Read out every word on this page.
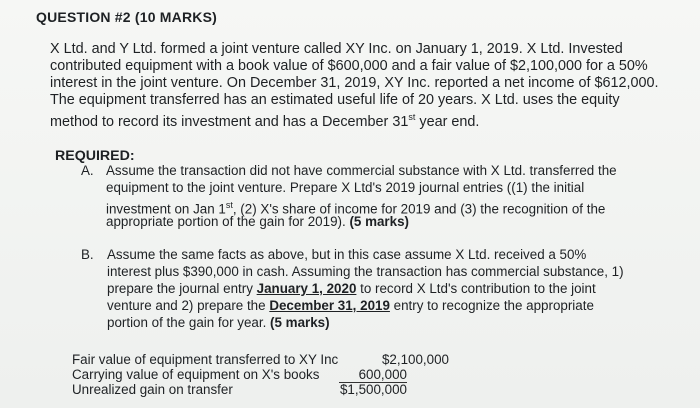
QUESTION #2 (10 MARKS)
X Ltd. and Y Ltd. formed a joint venture called XY Inc. on January 1, 2019. X Ltd. Invested
contributed equipment with a book value of $600,000 and a fair value of $2,100,000 for a 50%
interest in the joint venture. On December 31, 2019, XY Inc. reported a net income of $612,000.
The equipment transferred has an estimated useful life of 20 years. X Ltd. uses the equity
method to record its investment and has a December 31st year end.
REQUIRED:
A. Assume the transaction did not have commercial substance with X Ltd. transferred the
equipment to the joint venture. Prepare X Ltd's 2019 journal entries ((1) the initial
investment on Jan 1st, (2) X's share of income for 2019 and (3) the recognition of the
appropriate portion of the gain for 2019). (5 marks)
B. Assume the same facts as above, but in this case assume X Ltd. received a 50%
interest plus $390,000 in cash. Assuming the transaction has commercial substance, 1)
prepare the journal entry January 1, 2020 to record X Ltd's contribution to the joint
venture and 2) prepare the December 31, 2019 entry to recognize the appropriate
portion of the gain for year. (5 marks)
Fair value of equipment transferred to XY Inc	$2,100,000
Carrying value of equipment on X's books	600,000
Unrealized gain on transfer	$1,500,000
